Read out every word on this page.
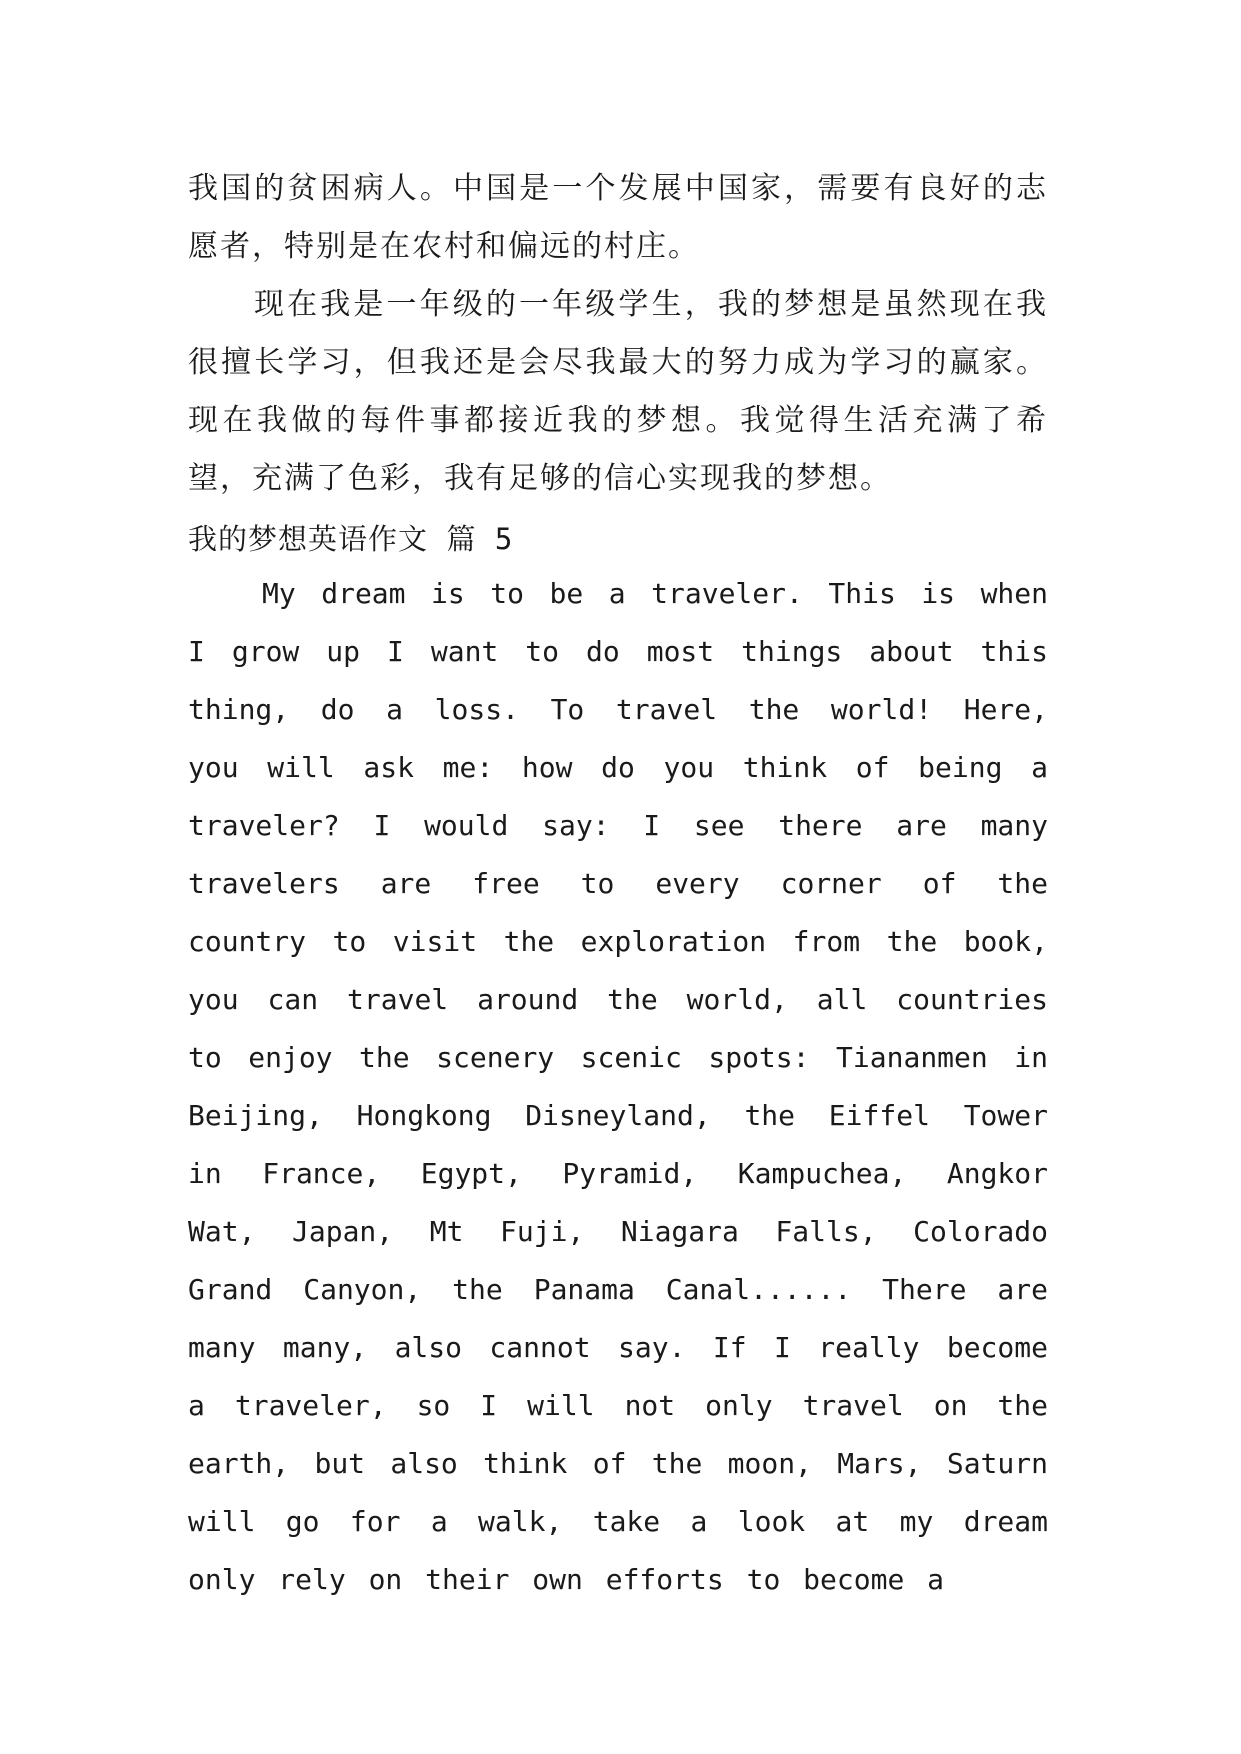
我国的贫困病人。中国是一个发展中国家，需要有良好的志愿者，特别是在农村和偏远的村庄。

现在我是一年级的一年级学生，我的梦想是虽然现在我很擅长学习，但我还是会尽我最大的努力成为学习的赢家。现在我做的每件事都接近我的梦想。我觉得生活充满了希望，充满了色彩，我有足够的信心实现我的梦想。

我的梦想英语作文 篇 5

My dream is to be a traveler. This is when I grow up I want to do most things about this thing, do a loss. To travel the world! Here, you will ask me: how do you think of being a traveler? I would say: I see there are many travelers are free to every corner of the country to visit the exploration from the book, you can travel around the world, all countries to enjoy the scenery scenic spots: Tiananmen in Beijing, Hongkong Disneyland, the Eiffel Tower in France, Egypt, Pyramid, Kampuchea, Angkor Wat, Japan, Mt Fuji, Niagara Falls, Colorado Grand Canyon, the Panama Canal...... There are many many, also cannot say. If I really become a traveler, so I will not only travel on the earth, but also think of the moon, Mars, Saturn will go for a walk, take a look at my dream only rely on their own efforts to become a
